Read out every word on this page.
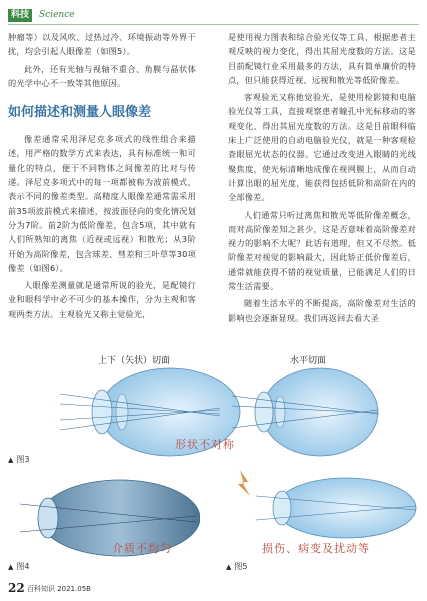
科技	Science

肿瘤等）以及风吹、过热过冷、环境振动等外界干扰，均会引起人眼像差（如图5）。

此外，还有光轴与视轴不重合、角膜与晶状体的光学中心不一致等其他原因。

如何描述和测量人眼像差

像差通常采用泽尼克多项式的线性组合来描述，用严格的数学方式来表达，具有标准统一和可量化的特点，便于不同物体之间像差的比对与传递。泽尼克多项式中的每一项都被称为波前模式，表示不同的像差类型。高精度人眼像差通常需采用前35项波前模式来描述，按波面径向的变化情况划分为7阶。前2阶为低阶像差，包含5项，其中就有人们所熟知的离焦（近视或远视）和散光；从3阶开始为高阶像差，包含球差、彗差和三叶草等30项像差（如图6）。

人眼像差测量就是通常所说的验光，是配镜行业和眼科学中必不可少的基本操作，分为主观和客观两类方法。主观验光又称主觉验光，

是使用视力图表和综合验光仪等工具，根据患者主观反映的视力变化，得出其屈光度数的方法。这是目前配镜行业采用最多的方法，具有简单廉价的特点，但只能获得近视、远视和散光等低阶像差。

客观验光又称他觉验光，是使用检影镜和电脑验光仪等工具，直接观察患者瞳孔中光标移动的客观变化，得出其屈光度数的方法。这是目前眼科临床上广泛使用的自动电脑验光仪，就是一种客观检查眼屈光状态的仪器。它通过改变进入眼睛的光线聚焦度，使光标清晰地成像在视网膜上，从而自动计算出眼的屈光度，能获得包括低阶和高阶在内的全部像差。

人们通常只听过离焦和散光等低阶像差概念，而对高阶像差知之甚少，这是否意味着高阶像差对视力的影响不大呢？此话有道理，但又不尽然。低阶像差对视觉的影响最大，因此矫正低价像差后，通常就能获得不错的视觉质量，已能满足人们的日常生活需要。

随着生活水平的不断提高，高阶像差对生活的影响也会逐渐显现。我们再返回去看大圣

上下（矢状）切面	水平切面
形状不对称
▲ 图3
介质不均匀
▲ 图4
损伤、病变及扰动等
▲ 图5
22 百科知识 2021.05B
